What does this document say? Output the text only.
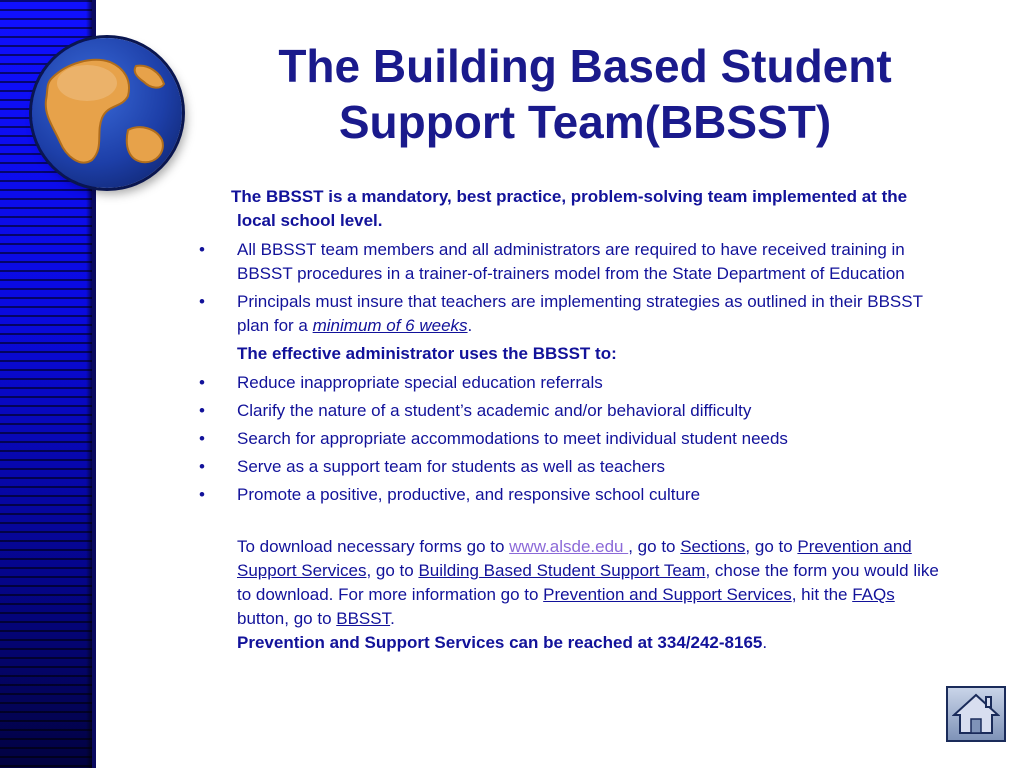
The Building Based Student
Support Team(BBSST)

The BBSST is a mandatory, best practice, problem-solving team implemented at the local school level.

• All BBSST team members and all administrators are required to have received training in BBSST procedures in a trainer-of-trainers model from the State Department of Education

• Principals must insure that teachers are implementing strategies as outlined in their BBSST plan for a minimum of 6 weeks.

The effective administrator uses the BBSST to:

• Reduce inappropriate special education referrals

• Clarify the nature of a student’s academic and/or behavioral difficulty

• Search for appropriate accommodations to meet individual student needs

• Serve as a support team for students as well as teachers

• Promote a positive, productive, and responsive school culture

To download necessary forms go to www.alsde.edu , go to Sections, go to Prevention and Support Services, go to Building Based Student Support Team, chose the form you would like to download. For more information go to Prevention and Support Services, hit the FAQs button, go to BBSST.
Prevention and Support Services can be reached at 334/242-8165.
